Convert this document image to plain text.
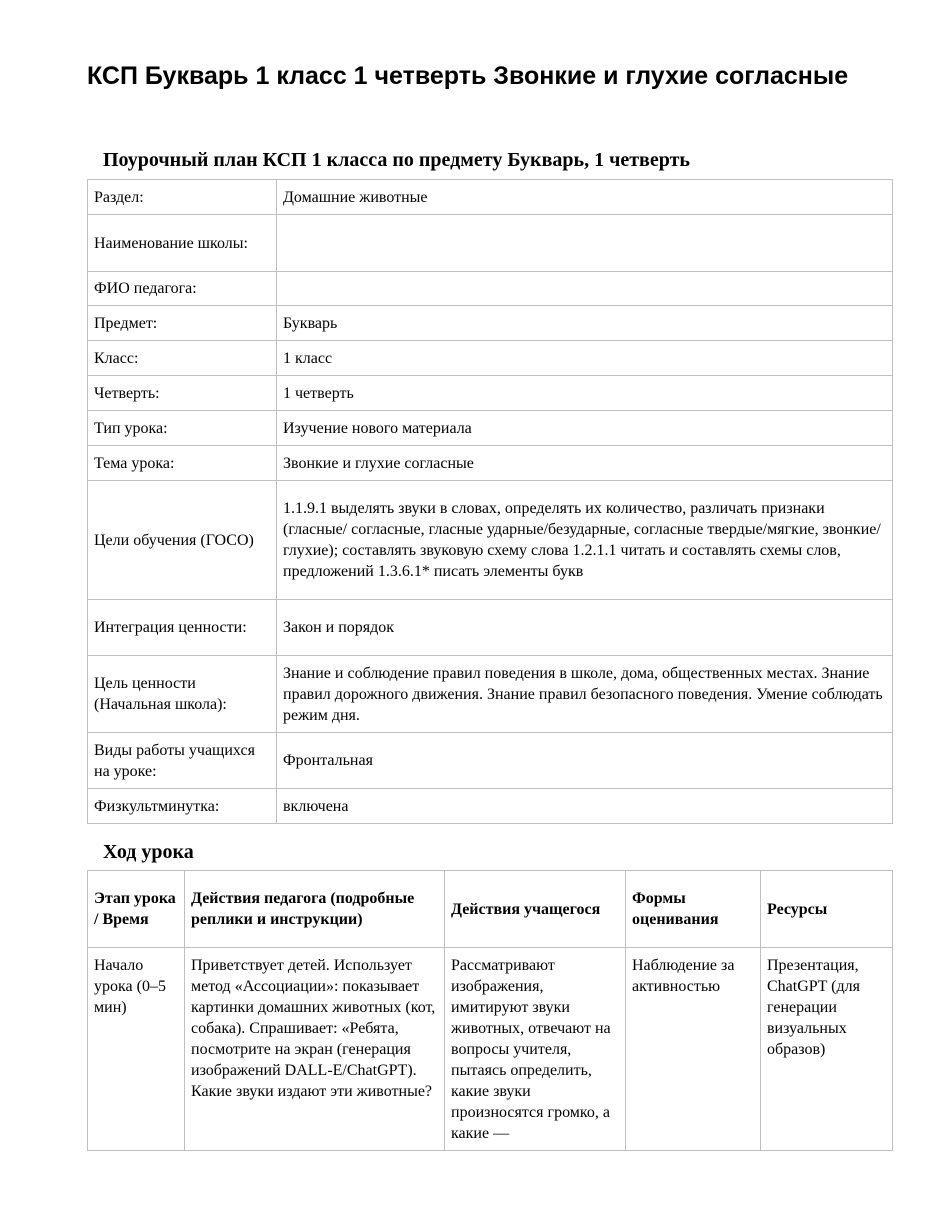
КСП Букварь 1 класс 1 четверть Звонкие и глухие согласные
Поурочный план КСП 1 класса по предмету Букварь, 1 четверть
Раздел:	Домашние животные
Наименование школы:	
ФИО педагога:	
Предмет:	Букварь
Класс:	1 класс
Четверть:	1 четверть
Тип урока:	Изучение нового материала
Тема урока:	Звонкие и глухие согласные
Цели обучения (ГОСО)	1.1.9.1 выделять звуки в словах, определять их количество, различать признаки (гласные/ согласные, гласные ударные/безударные, согласные твердые/мягкие, звонкие/глухие); составлять звуковую схему слова 1.2.1.1 читать и составлять схемы слов, предложений 1.3.6.1* писать элементы букв
Интеграция ценности:	Закон и порядок
Цель ценности (Начальная школа):	Знание и соблюдение правил поведения в школе, дома, общественных местах. Знание правил дорожного движения. Знание правил безопасного поведения. Умение соблюдать режим дня.
Виды работы учащихся на уроке:	Фронтальная
Физкультминутка:	включена
Ход урока
Этап урока / Время	Действия педагога (подробные реплики и инструкции)	Действия учащегося	Формы оценивания	Ресурсы
Начало урока (0–5 мин)	Приветствует детей. Использует метод «Ассоциации»: показывает картинки домашних животных (кот, собака). Спрашивает: «Ребята, посмотрите на экран (генерация изображений DALL-E/ChatGPT). Какие звуки издают эти животные?	Рассматривают изображения, имитируют звуки животных, отвечают на вопросы учителя, пытаясь определить, какие звуки произносятся громко, а какие —	Наблюдение за активностью	Презентация, ChatGPT (для генерации визуальных образов)
